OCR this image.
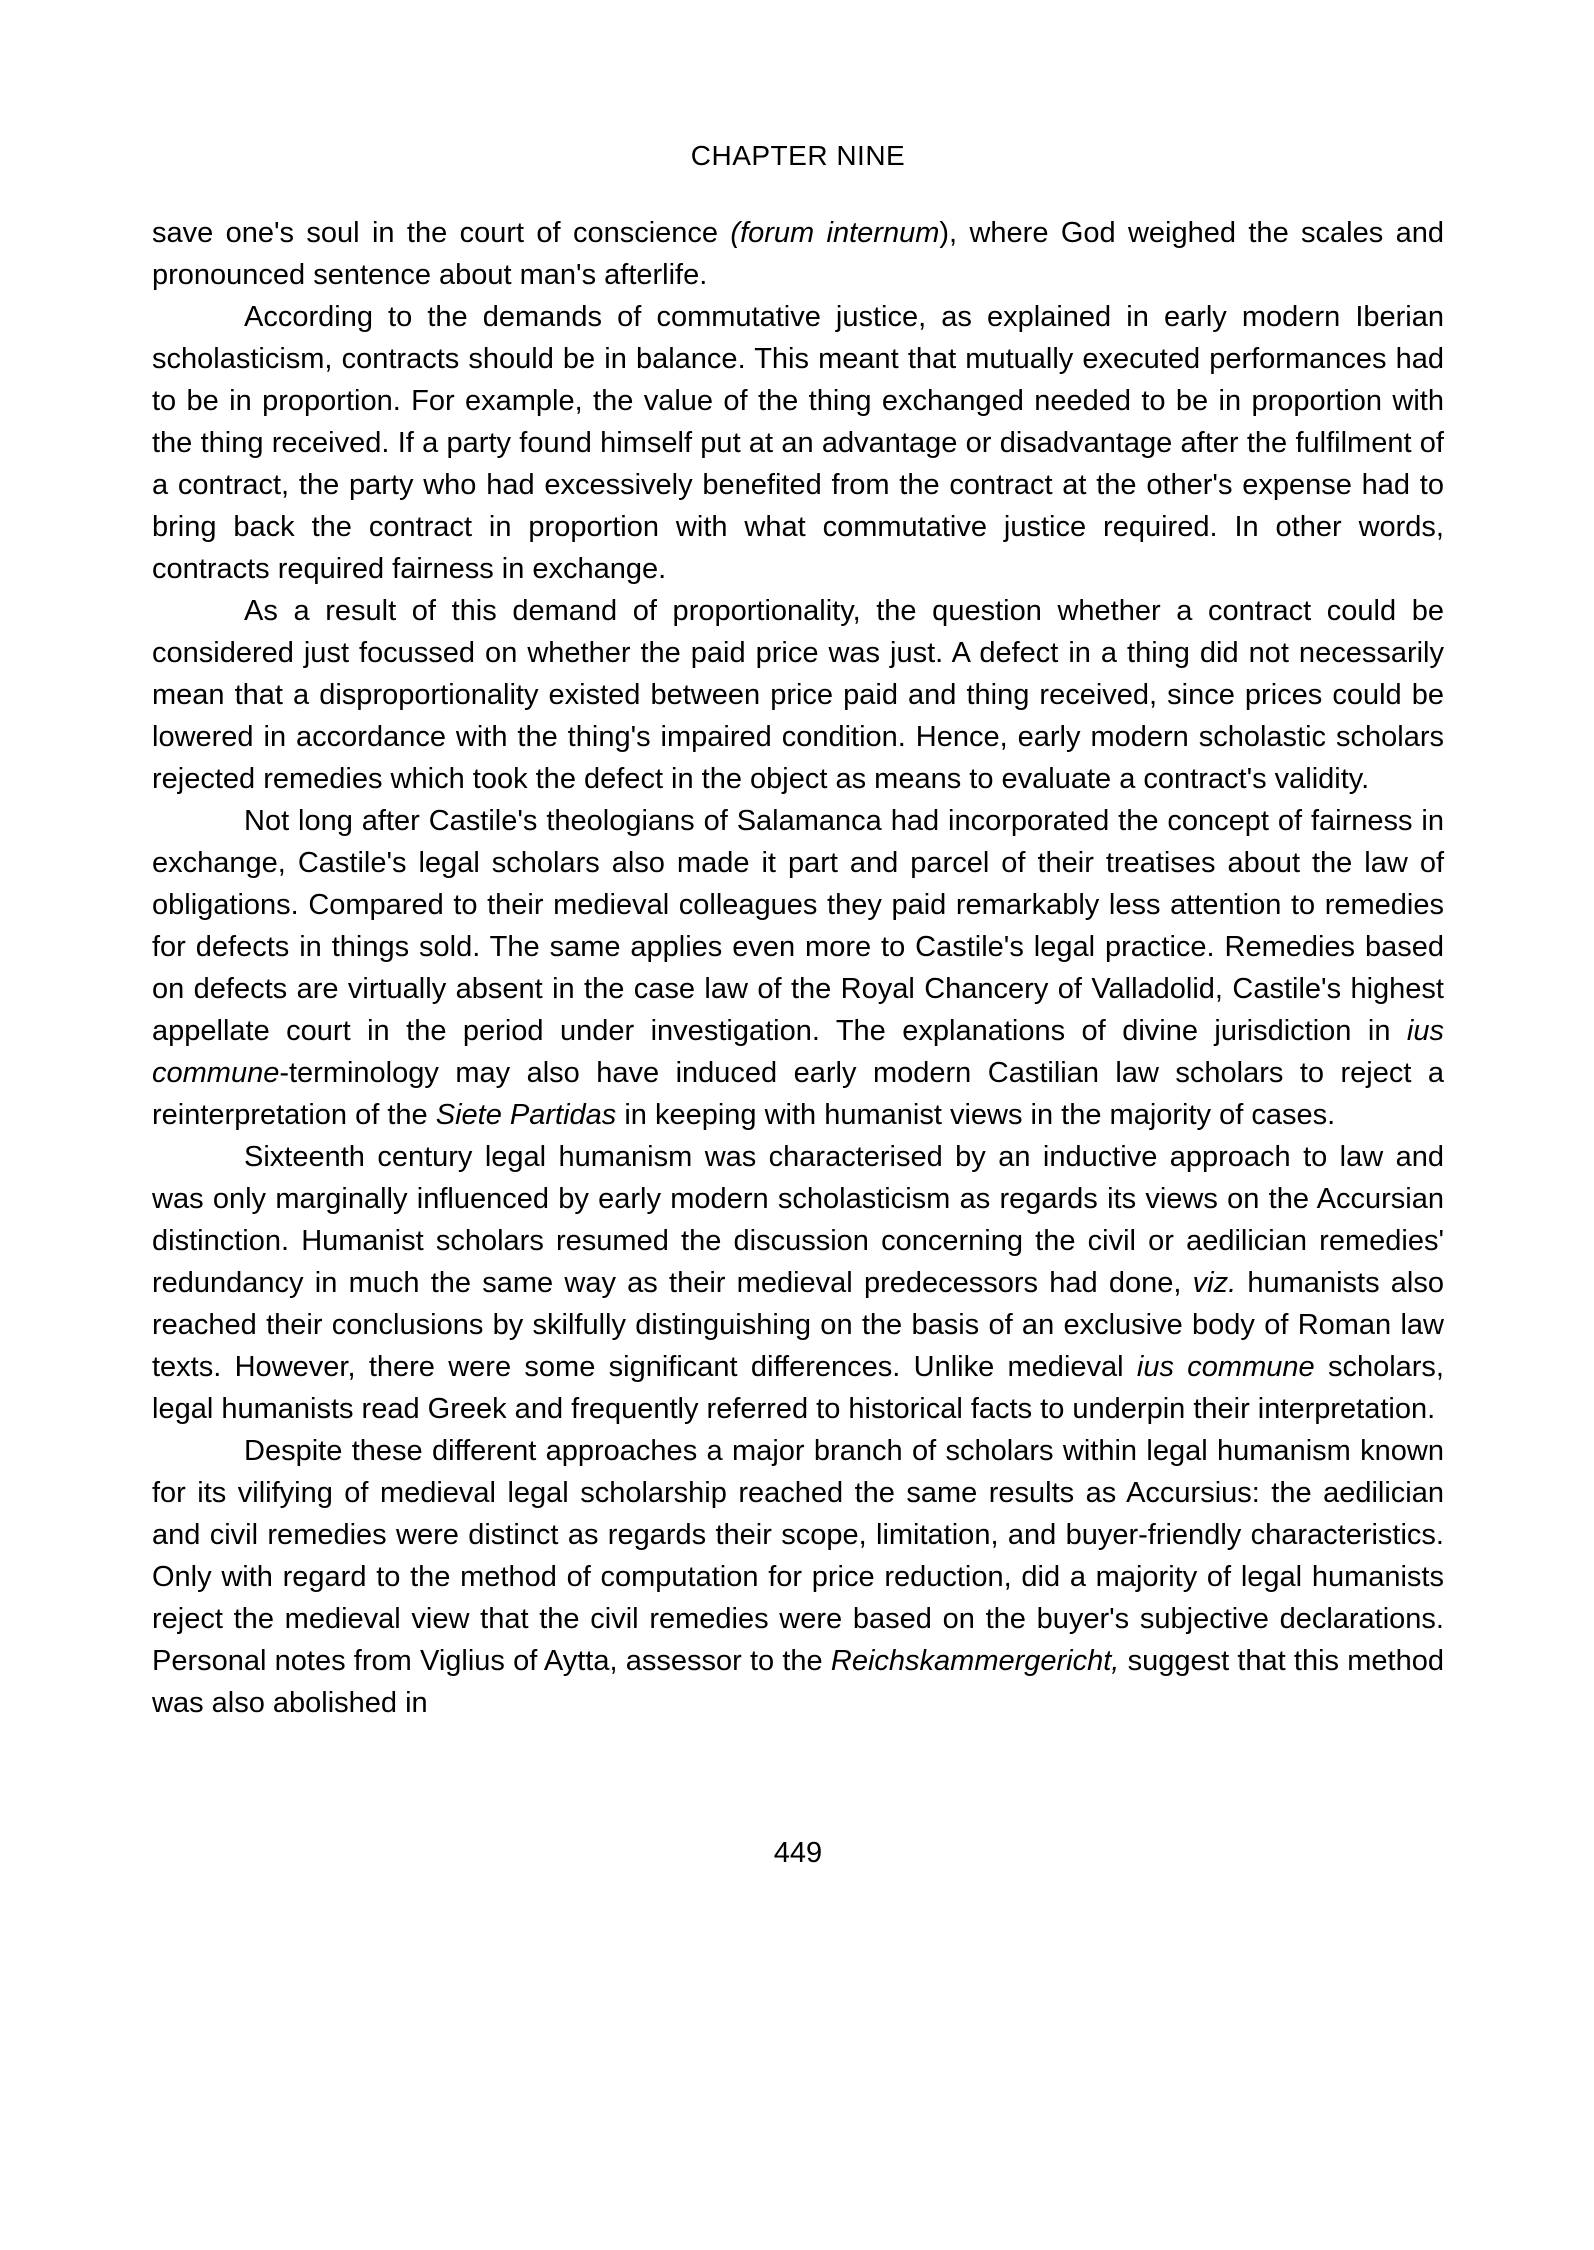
CHAPTER NINE

save one's soul in the court of conscience (forum internum), where God weighed the scales and pronounced sentence about man's afterlife.

According to the demands of commutative justice, as explained in early modern Iberian scholasticism, contracts should be in balance. This meant that mutually executed performances had to be in proportion. For example, the value of the thing exchanged needed to be in proportion with the thing received. If a party found himself put at an advantage or disadvantage after the fulfilment of a contract, the party who had excessively benefited from the contract at the other's expense had to bring back the contract in proportion with what commutative justice required. In other words, contracts required fairness in exchange.

As a result of this demand of proportionality, the question whether a contract could be considered just focussed on whether the paid price was just. A defect in a thing did not necessarily mean that a disproportionality existed between price paid and thing received, since prices could be lowered in accordance with the thing's impaired condition. Hence, early modern scholastic scholars rejected remedies which took the defect in the object as means to evaluate a contract's validity.

Not long after Castile's theologians of Salamanca had incorporated the concept of fairness in exchange, Castile's legal scholars also made it part and parcel of their treatises about the law of obligations. Compared to their medieval colleagues they paid remarkably less attention to remedies for defects in things sold. The same applies even more to Castile's legal practice. Remedies based on defects are virtually absent in the case law of the Royal Chancery of Valladolid, Castile's highest appellate court in the period under investigation. The explanations of divine jurisdiction in ius commune-terminology may also have induced early modern Castilian law scholars to reject a reinterpretation of the Siete Partidas in keeping with humanist views in the majority of cases.

Sixteenth century legal humanism was characterised by an inductive approach to law and was only marginally influenced by early modern scholasticism as regards its views on the Accursian distinction. Humanist scholars resumed the discussion concerning the civil or aedilician remedies' redundancy in much the same way as their medieval predecessors had done, viz. humanists also reached their conclusions by skilfully distinguishing on the basis of an exclusive body of Roman law texts. However, there were some significant differences. Unlike medieval ius commune scholars, legal humanists read Greek and frequently referred to historical facts to underpin their interpretation.

Despite these different approaches a major branch of scholars within legal humanism known for its vilifying of medieval legal scholarship reached the same results as Accursius: the aedilician and civil remedies were distinct as regards their scope, limitation, and buyer-friendly characteristics. Only with regard to the method of computation for price reduction, did a majority of legal humanists reject the medieval view that the civil remedies were based on the buyer's subjective declarations. Personal notes from Viglius of Aytta, assessor to the Reichskammergericht, suggest that this method was also abolished in

449
